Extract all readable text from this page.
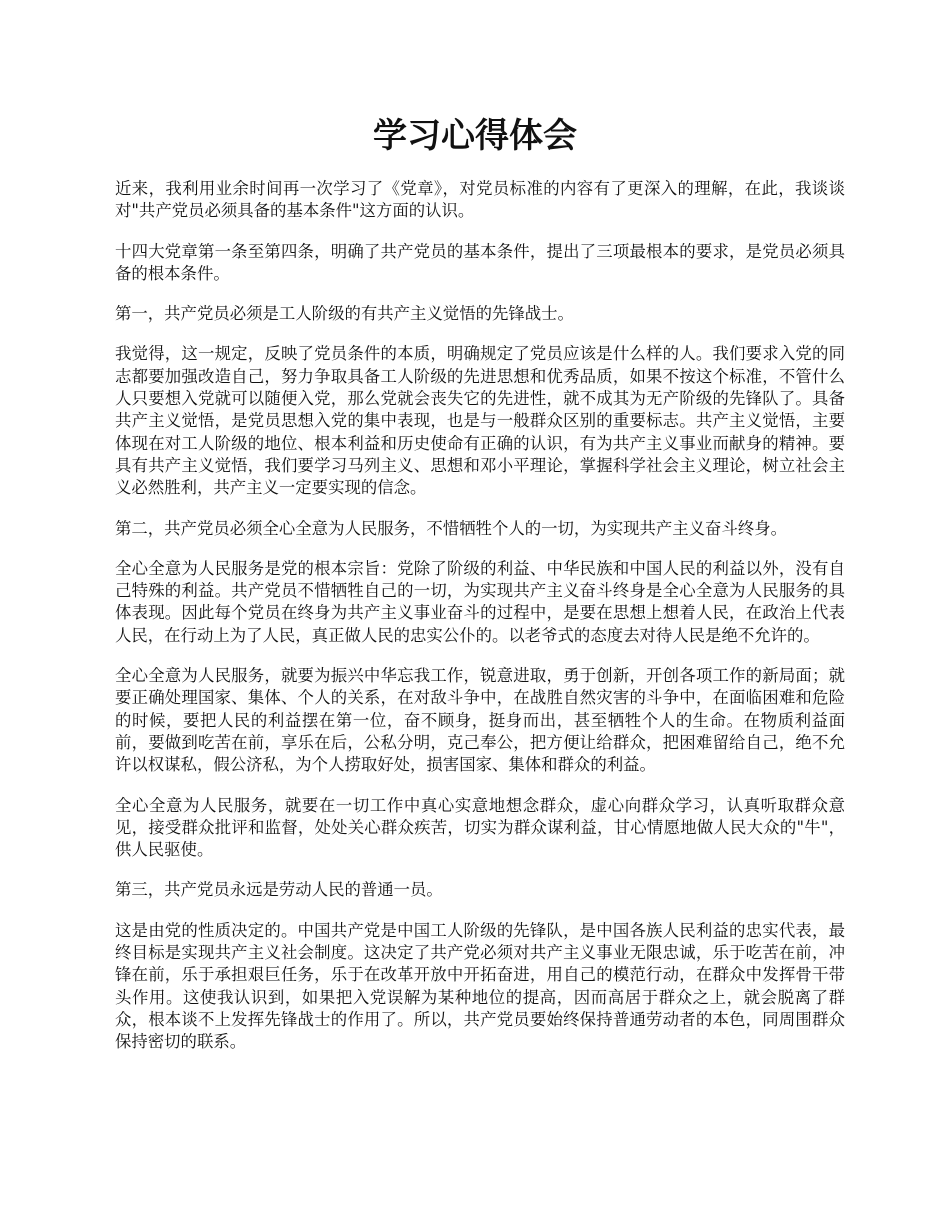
学习心得体会

近来，我利用业余时间再一次学习了《党章》，对党员标准的内容有了更深入的理解，在此，我谈谈对"共产党员必须具备的基本条件"这方面的认识。

十四大党章第一条至第四条，明确了共产党员的基本条件，提出了三项最根本的要求，是党员必须具备的根本条件。

第一，共产党员必须是工人阶级的有共产主义觉悟的先锋战士。

我觉得，这一规定，反映了党员条件的本质，明确规定了党员应该是什么样的人。我们要求入党的同志都要加强改造自己，努力争取具备工人阶级的先进思想和优秀品质，如果不按这个标准，不管什么人只要想入党就可以随便入党，那么党就会丧失它的先进性，就不成其为无产阶级的先锋队了。具备共产主义觉悟，是党员思想入党的集中表现，也是与一般群众区别的重要标志。共产主义觉悟，主要体现在对工人阶级的地位、根本利益和历史使命有正确的认识，有为共产主义事业而献身的精神。要具有共产主义觉悟，我们要学习马列主义、思想和邓小平理论，掌握科学社会主义理论，树立社会主义必然胜利，共产主义一定要实现的信念。

第二，共产党员必须全心全意为人民服务，不惜牺牲个人的一切，为实现共产主义奋斗终身。

全心全意为人民服务是党的根本宗旨：党除了阶级的利益、中华民族和中国人民的利益以外，没有自己特殊的利益。共产党员不惜牺牲自己的一切，为实现共产主义奋斗终身是全心全意为人民服务的具体表现。因此每个党员在终身为共产主义事业奋斗的过程中，是要在思想上想着人民，在政治上代表人民，在行动上为了人民，真正做人民的忠实公仆的。以老爷式的态度去对待人民是绝不允许的。

全心全意为人民服务，就要为振兴中华忘我工作，锐意进取，勇于创新，开创各项工作的新局面；就要正确处理国家、集体、个人的关系，在对敌斗争中，在战胜自然灾害的斗争中，在面临困难和危险的时候，要把人民的利益摆在第一位，奋不顾身，挺身而出，甚至牺牲个人的生命。在物质利益面前，要做到吃苦在前，享乐在后，公私分明，克己奉公，把方便让给群众，把困难留给自己，绝不允许以权谋私，假公济私，为个人捞取好处，损害国家、集体和群众的利益。

全心全意为人民服务，就要在一切工作中真心实意地想念群众，虚心向群众学习，认真听取群众意见，接受群众批评和监督，处处关心群众疾苦，切实为群众谋利益，甘心情愿地做人民大众的"牛"，供人民驱使。

第三，共产党员永远是劳动人民的普通一员。

这是由党的性质决定的。中国共产党是中国工人阶级的先锋队，是中国各族人民利益的忠实代表，最终目标是实现共产主义社会制度。这决定了共产党必须对共产主义事业无限忠诚，乐于吃苦在前，冲锋在前，乐于承担艰巨任务，乐于在改革开放中开拓奋进，用自己的模范行动，在群众中发挥骨干带头作用。这使我认识到，如果把入党误解为某种地位的提高，因而高居于群众之上，就会脱离了群众，根本谈不上发挥先锋战士的作用了。所以，共产党员要始终保持普通劳动者的本色，同周围群众保持密切的联系。
